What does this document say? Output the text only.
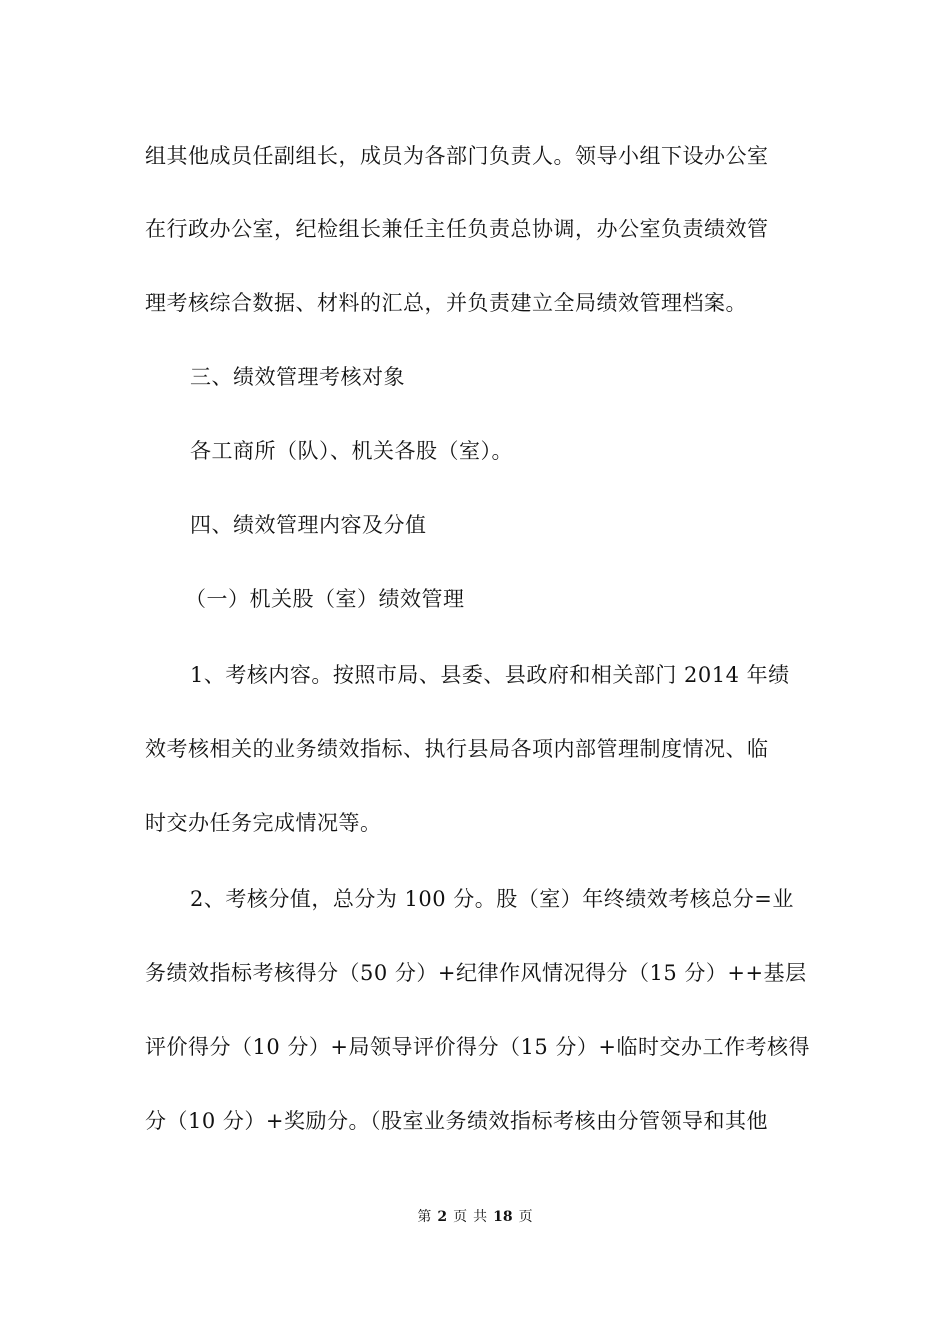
组其他成员任副组长，成员为各部门负责人。领导小组下设办公室
在行政办公室，纪检组长兼任主任负责总协调，办公室负责绩效管
理考核综合数据、材料的汇总，并负责建立全局绩效管理档案。
三、绩效管理考核对象
各工商所（队）、机关各股（室）。
四、绩效管理内容及分值
（一）机关股（室）绩效管理
1、考核内容。按照市局、县委、县政府和相关部门 2014 年绩
效考核相关的业务绩效指标、执行县局各项内部管理制度情况、临
时交办任务完成情况等。
2、考核分值，总分为 100 分。股（室）年终绩效考核总分=业
务绩效指标考核得分（50 分）+纪律作风情况得分（15 分）++基层
评价得分（10 分）+局领导评价得分（15 分）+临时交办工作考核得
分（10 分）+奖励分。（股室业务绩效指标考核由分管领导和其他
第 2 页 共 18 页
